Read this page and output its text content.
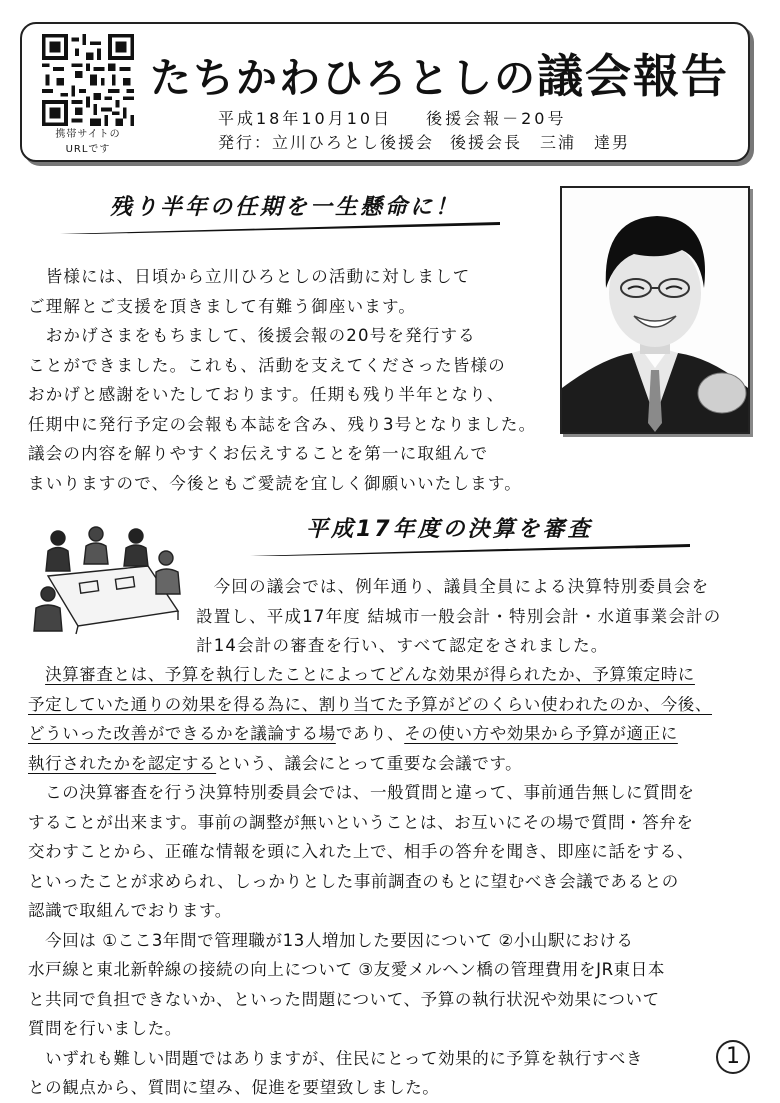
携帯サイトの
URLです
たちかわひろとしの議会報告
平成18年10月10日 後援会報－20号
発行：立川ひろとし後援会 後援会長　三浦　達男
残り半年の任期を一生懸命に！

　皆様には、日頃から立川ひろとしの活動に対しまして

ご理解とご支援を頂きまして有難う御座います。

　おかげさまをもちまして、後援会報の20号を発行する

ことができました。これも、活動を支えてくださった皆様の

おかげと感謝をいたしております。任期も残り半年となり、

任期中に発行予定の会報も本誌を含み、残り3号となりました。

議会の内容を解りやすくお伝えすることを第一に取組んで

まいりますので、今後ともご愛読を宜しく御願いいたします。

平成17年度の決算を審査

　今回の議会では、例年通り、議員全員による決算特別委員会を

設置し、平成17年度 結城市一般会計・特別会計・水道事業会計の

計14会計の審査を行い、すべて認定をされました。

　決算審査とは、予算を執行したことによってどんな効果が得られたか、予算策定時に

予定していた通りの効果を得る為に、割り当てた予算がどのくらい使われたのか、今後、

どういった改善ができるかを議論する場であり、その使い方や効果から予算が適正に

執行されたかを認定するという、議会にとって重要な会議です。

　この決算審査を行う決算特別委員会では、一般質問と違って、事前通告無しに質問を

することが出来ます。事前の調整が無いということは、お互いにその場で質問・答弁を

交わすことから、正確な情報を頭に入れた上で、相手の答弁を聞き、即座に話をする、

といったことが求められ、しっかりとした事前調査のもとに望むべき会議であるとの

認識で取組んでおります。

　今回は ①ここ3年間で管理職が13人増加した要因について ②小山駅における

水戸線と東北新幹線の接続の向上について ③友愛メルヘン橋の管理費用をJR東日本

と共同で負担できないか、といった問題について、予算の執行状況や効果について

質問を行いました。

　いずれも難しい問題ではありますが、住民にとって効果的に予算を執行すべき

との観点から、質問に望み、促進を要望致しました。

1
